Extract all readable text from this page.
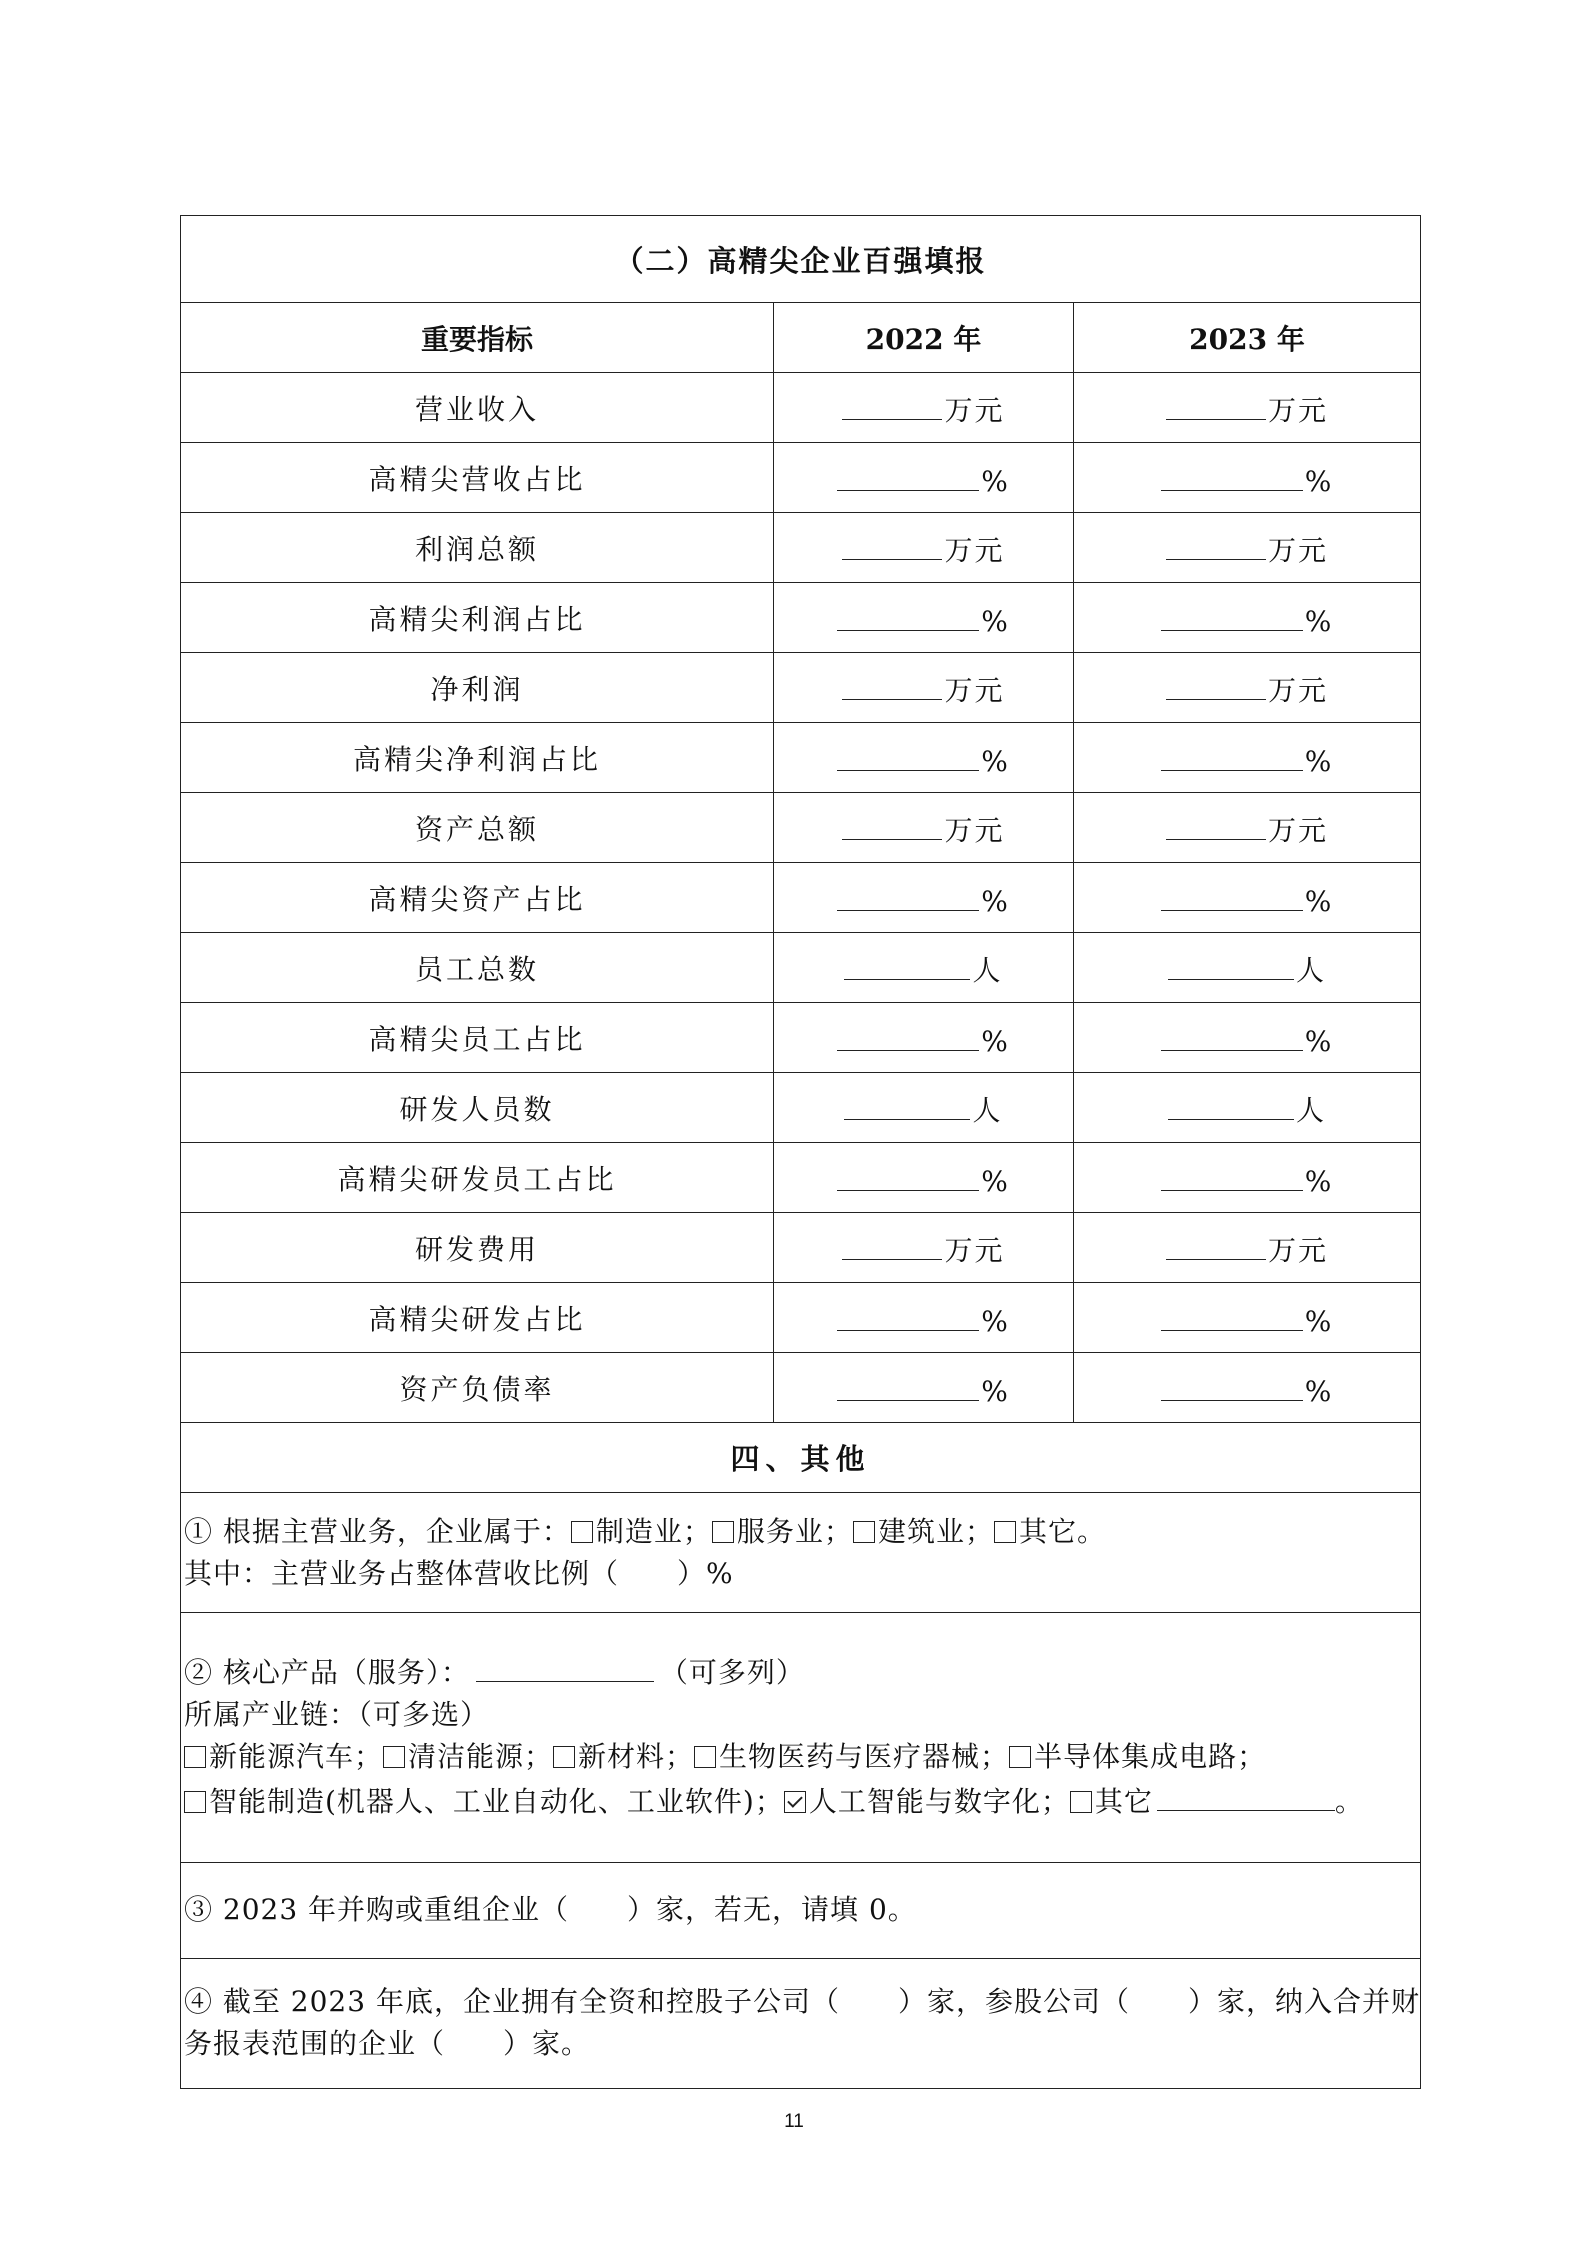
（二）高精尖企业百强填报		
重要指标	2022 年	2023 年
营业收入	万元	万元
高精尖营收占比	%	%
利润总额	万元	万元
高精尖利润占比	%	%
净利润	万元	万元
高精尖净利润占比	%	%
资产总额	万元	万元
高精尖资产占比	%	%
员工总数	人	人
高精尖员工占比	%	%
研发人员数	人	人
高精尖研发员工占比	%	%
研发费用	万元	万元
高精尖研发占比	%	%
资产负债率	%	%
四、其他		

① 根据主营业务，企业属于： 制造业； 服务业； 建筑业； 其它。
其中：主营业务占整体营收比例（　　）%		

② 核心产品（服务）： （可多列）
所属产业链：（可多选）
新能源汽车； 清洁能源； 新材料； 生物医药与医疗器械； 半导体集成电路；
智能制造(机器人、工业自动化、工业软件)； 人工智能与数字化； 其它 。		

③ 2023 年并购或重组企业（　　）家，若无，请填 0。		

④ 截至 2023 年底，企业拥有全资和控股子公司（　　）家，参股公司（　　）家，纳入合并财务报表范围的企业（　　）家。		
11
